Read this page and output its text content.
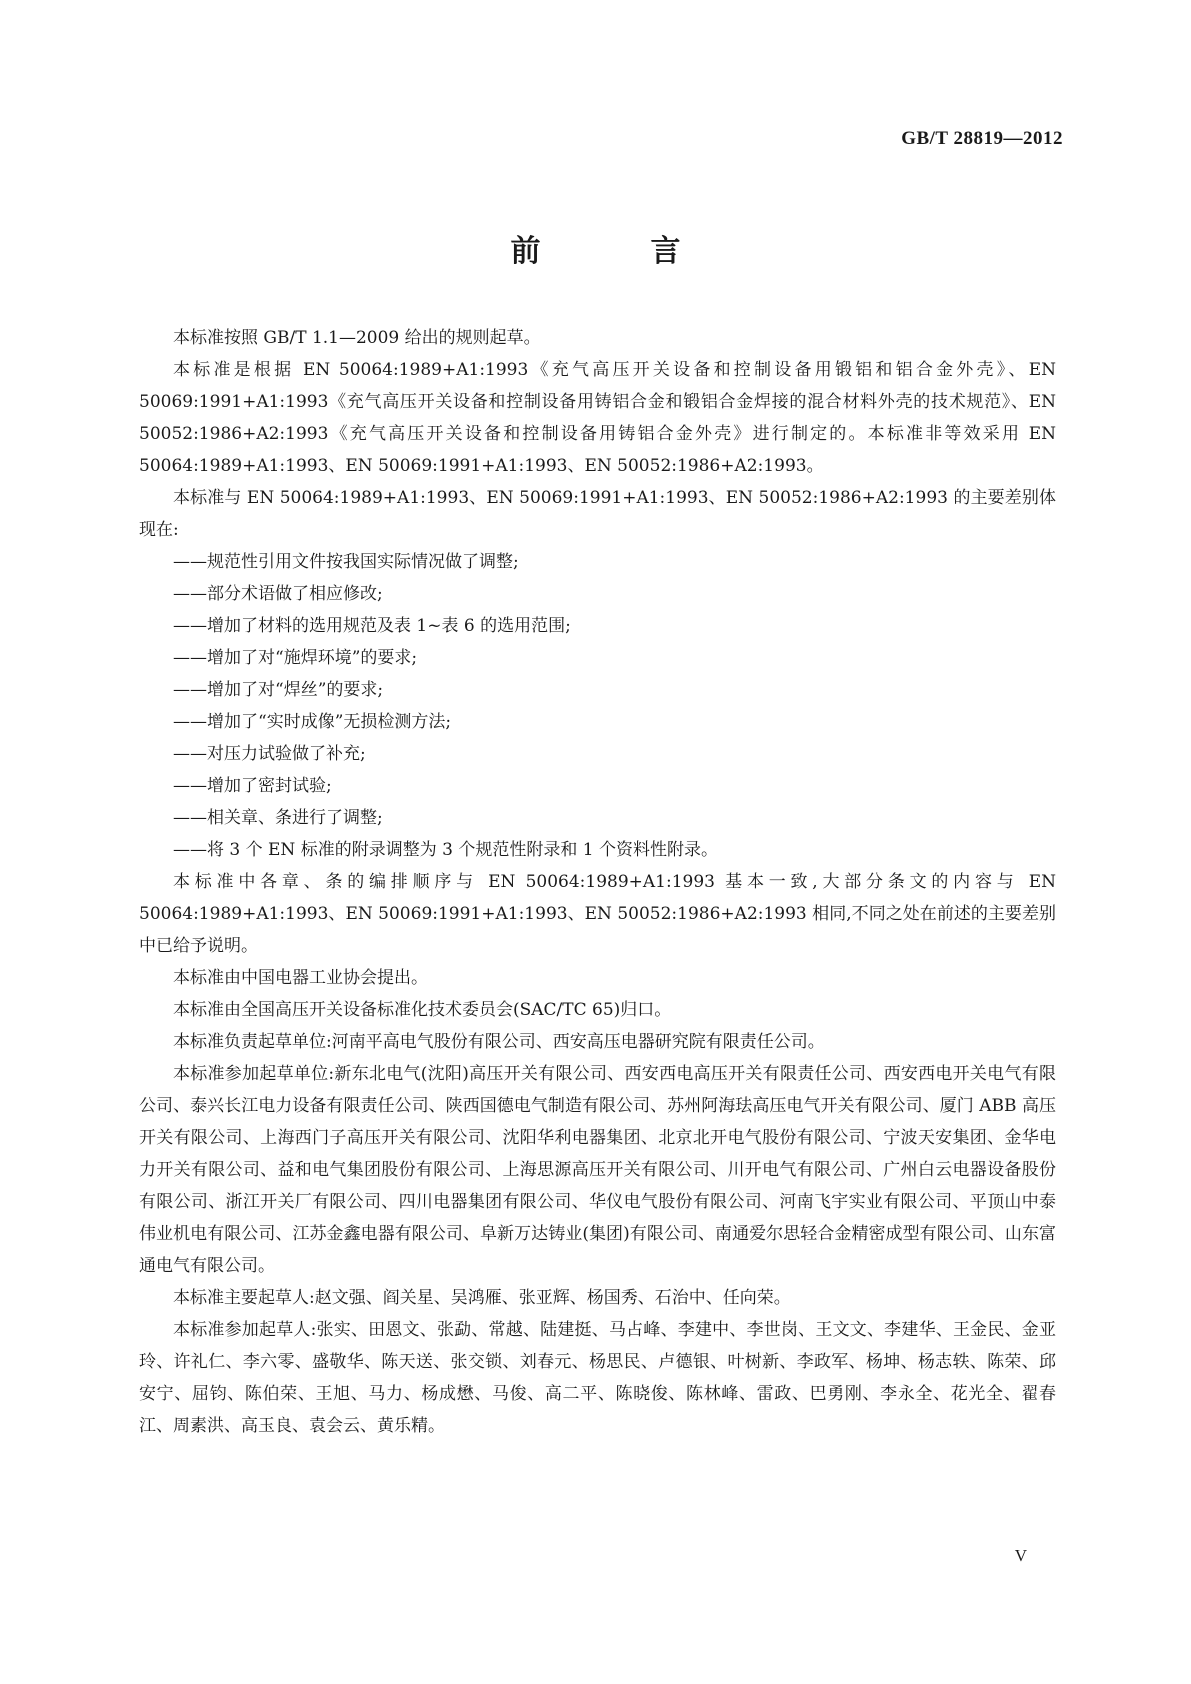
GB/T 28819—2012
前　言

本标准按照 GB/T 1.1—2009 给出的规则起草。

本标准是根据 EN 50064:1989+A1:1993《充气高压开关设备和控制设备用锻铝和铝合金外壳》、EN 50069:1991+A1:1993《充气高压开关设备和控制设备用铸铝合金和锻铝合金焊接的混合材料外壳的技术规范》、EN 50052:1986+A2:1993《充气高压开关设备和控制设备用铸铝合金外壳》进行制定的。本标准非等效采用 EN 50064:1989+A1:1993、EN 50069:1991+A1:1993、EN 50052:1986+A2:1993。

本标准与 EN 50064:1989+A1:1993、EN 50069:1991+A1:1993、EN 50052:1986+A2:1993 的主要差别体现在:

——规范性引用文件按我国实际情况做了调整;

——部分术语做了相应修改;

——增加了材料的选用规范及表 1~表 6 的选用范围;

——增加了对“施焊环境”的要求;

——增加了对“焊丝”的要求;

——增加了“实时成像”无损检测方法;

——对压力试验做了补充;

——增加了密封试验;

——相关章、条进行了调整;

——将 3 个 EN 标准的附录调整为 3 个规范性附录和 1 个资料性附录。

本标准中各章、条的编排顺序与 EN 50064:1989+A1:1993 基本一致,大部分条文的内容与 EN 50064:1989+A1:1993、EN 50069:1991+A1:1993、EN 50052:1986+A2:1993 相同,不同之处在前述的主要差别中已给予说明。

本标准由中国电器工业协会提出。

本标准由全国高压开关设备标准化技术委员会(SAC/TC 65)归口。

本标准负责起草单位:河南平高电气股份有限公司、西安高压电器研究院有限责任公司。

本标准参加起草单位:新东北电气(沈阳)高压开关有限公司、西安西电高压开关有限责任公司、西安西电开关电气有限公司、泰兴长江电力设备有限责任公司、陕西国德电气制造有限公司、苏州阿海珐高压电气开关有限公司、厦门 ABB 高压开关有限公司、上海西门子高压开关有限公司、沈阳华利电器集团、北京北开电气股份有限公司、宁波天安集团、金华电力开关有限公司、益和电气集团股份有限公司、上海思源高压开关有限公司、川开电气有限公司、广州白云电器设备股份有限公司、浙江开关厂有限公司、四川电器集团有限公司、华仪电气股份有限公司、河南飞宇实业有限公司、平顶山中泰伟业机电有限公司、江苏金鑫电器有限公司、阜新万达铸业(集团)有限公司、南通爱尔思轻合金精密成型有限公司、山东富通电气有限公司。

本标准主要起草人:赵文强、阎关星、吴鸿雁、张亚辉、杨国秀、石治中、任向荣。

本标准参加起草人:张实、田恩文、张勐、常越、陆建挺、马占峰、李建中、李世岗、王文文、李建华、王金民、金亚玲、许礼仁、李六零、盛敬华、陈天送、张交锁、刘春元、杨思民、卢德银、叶树新、李政军、杨坤、杨志轶、陈荣、邱安宁、屈钧、陈伯荣、王旭、马力、杨成懋、马俊、高二平、陈晓俊、陈林峰、雷政、巴勇刚、李永全、花光全、翟春江、周素洪、高玉良、袁会云、黄乐精。

V
